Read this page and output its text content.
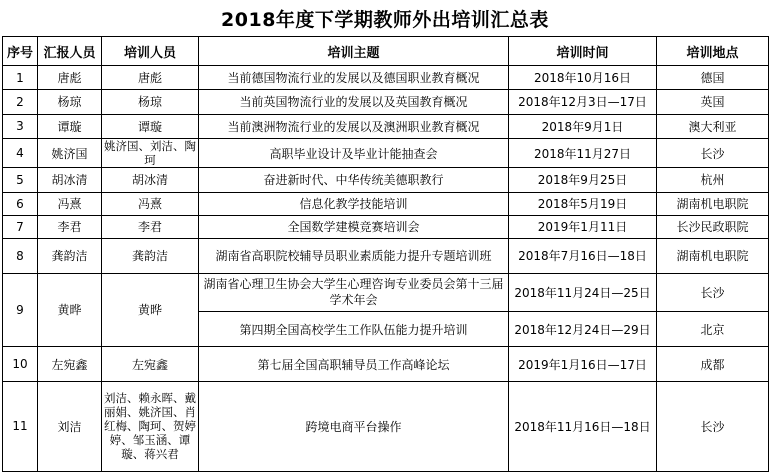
2018年度下学期教师外出培训汇总表
序号	汇报人员	培训人员	培训主题	培训时间	培训地点
1	唐彪	唐彪	当前德国物流行业的发展以及德国职业教育概况	2018年10月16日	德国
2	杨琼	杨琼	当前英国物流行业的发展以及英国教育概况	2018年12月3日—17日	英国
3	谭璇	谭璇	当前澳洲物流行业的发展以及澳洲职业教育概况	2018年9月1日	澳大利亚
4	姚济国	姚济国、刘洁、陶珂	高职毕业设计及毕业计能抽查会	2018年11月27日	长沙
5	胡冰清	胡冰清	奋进新时代、中华传统美德职教行	2018年9月25日	杭州
6	冯熹	冯熹	信息化教学技能培训	2018年5月19日	湖南机电职院
7	李君	李君	全国数学建模竞赛培训会	2019年1月11日	长沙民政职院
8	龚韵洁	龚韵洁	湖南省高职院校辅导员职业素质能力提升专题培训班	2018年7月16日—18日	湖南机电职院
9	黄晔	黄晔	湖南省心理卫生协会大学生心理咨询专业委员会第十三届学术年会	2018年11月24日—25日	长沙
			第四期全国高校学生工作队伍能力提升培训	2018年12月24日—29日	北京
10	左宛鑫	左宛鑫	第七届全国高职辅导员工作高峰论坛	2019年1月16日—17日	成都
11	刘洁	刘洁、赖永晖、戴丽娟、姚济国、肖红梅、陶珂、贺婷婷、邹玉涵、谭璇、蒋兴君	跨境电商平台操作	2018年11月16日—18日	长沙
